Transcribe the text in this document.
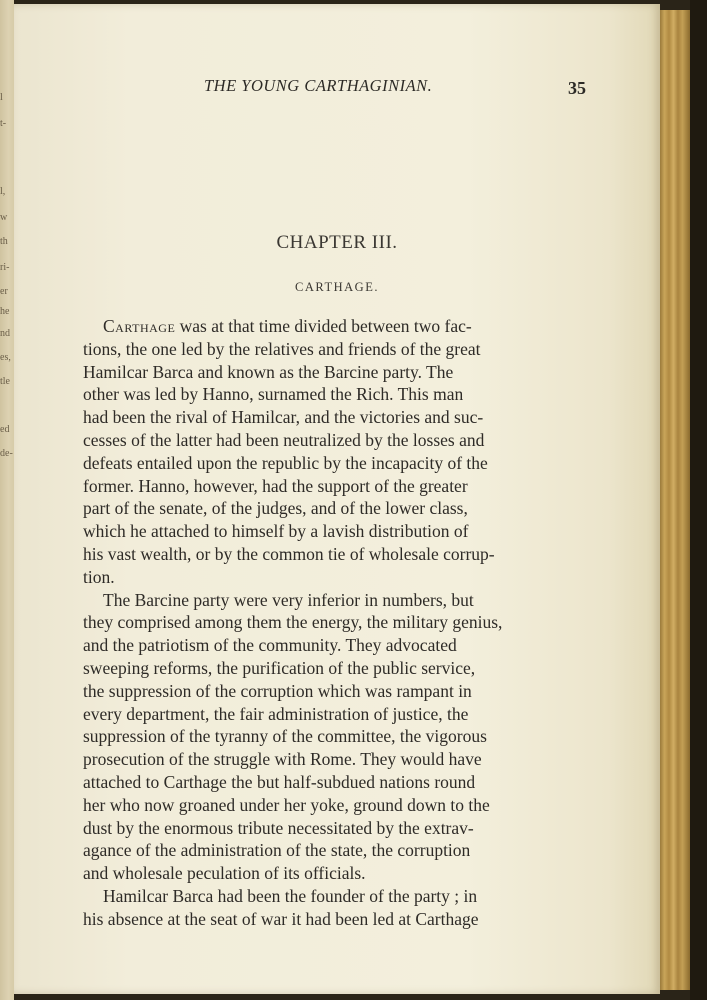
l
t-
l,
w
th
ri-
er
he
nd
es,
tle
ed
de-
THE YOUNG CARTHAGINIAN.	35
CHAPTER III.
CARTHAGE.
Carthage was at that time divided between two fac-
tions, the one led by the relatives and friends of the great
Hamilcar Barca and known as the Barcine party. The
other was led by Hanno, surnamed the Rich. This man
had been the rival of Hamilcar, and the victories and suc-
cesses of the latter had been neutralized by the losses and
defeats entailed upon the republic by the incapacity of the
former. Hanno, however, had the support of the greater
part of the senate, of the judges, and of the lower class,
which he attached to himself by a lavish distribution of
his vast wealth, or by the common tie of wholesale corrup-
tion.
The Barcine party were very inferior in numbers, but
they comprised among them the energy, the military genius,
and the patriotism of the community. They advocated
sweeping reforms, the purification of the public service,
the suppression of the corruption which was rampant in
every department, the fair administration of justice, the
suppression of the tyranny of the committee, the vigorous
prosecution of the struggle with Rome. They would have
attached to Carthage the but half-subdued nations round
her who now groaned under her yoke, ground down to the
dust by the enormous tribute necessitated by the extrav-
agance of the administration of the state, the corruption
and wholesale peculation of its officials.
Hamilcar Barca had been the founder of the party ; in
his absence at the seat of war it had been led at Carthage
